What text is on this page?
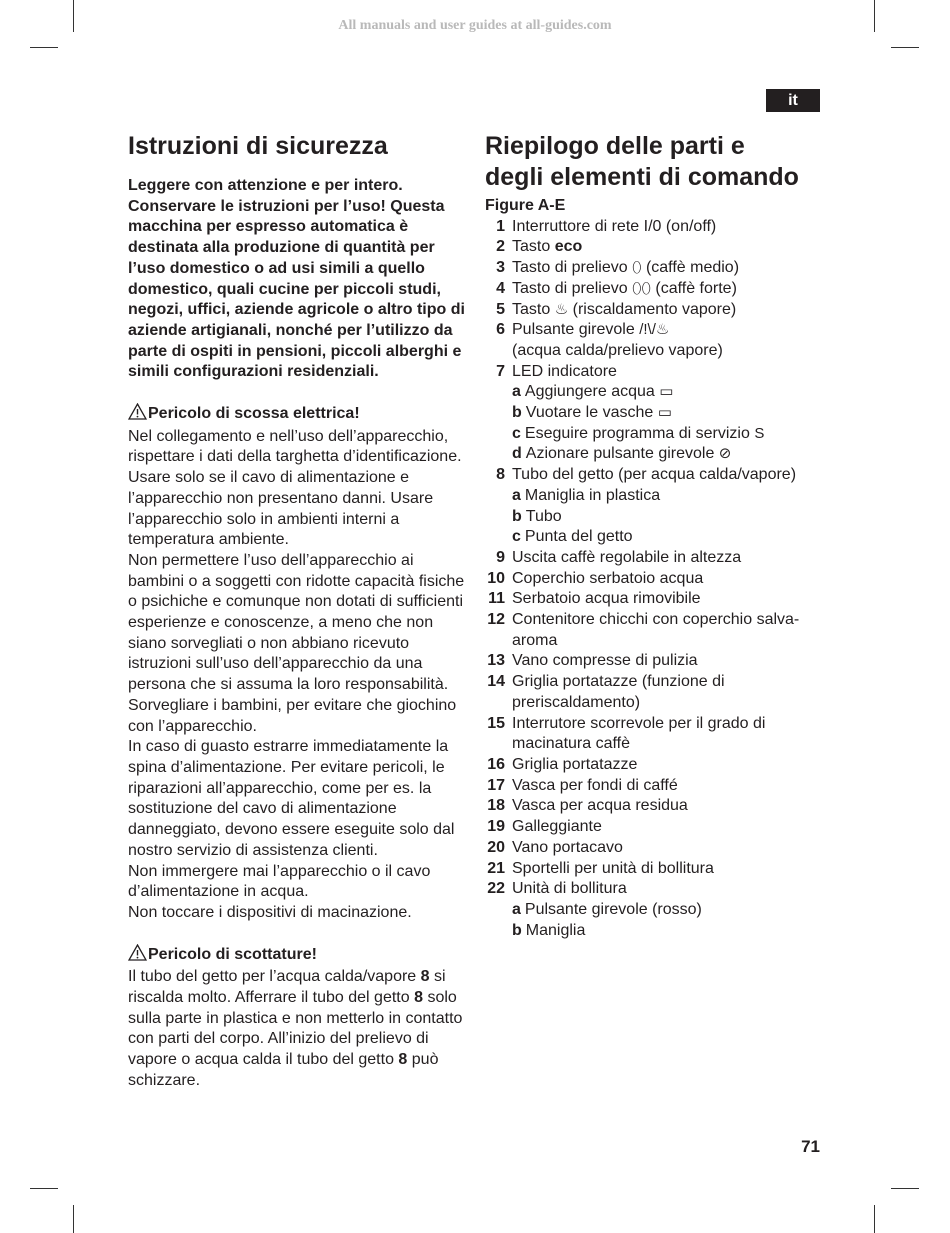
All manuals and user guides at all-guides.com
it
Istruzioni di sicurezza

Leggere con attenzione e per intero. Conservare le istruzioni per l’uso! Questa macchina per espresso automatica è destinata alla produzione di quantità per l’uso domestico o ad usi simili a quello domestico, quali cucine per piccoli studi, negozi, uffici, aziende agricole o altro tipo di aziende artigianali, nonché per l’utilizzo da parte di ospiti in pensioni, piccoli alberghi e simili configurazioni residenziali.

Pericolo di scossa elettrica!

Nel collegamento e nell’uso dell’apparecchio, rispettare i dati della targhetta d’identificazione. Usare solo se il cavo di alimentazione e l’apparecchio non presentano danni. Usare l’apparecchio solo in ambienti interni a temperatura ambiente.

Non permettere l’uso dell’apparecchio ai bambini o a soggetti con ridotte capacità fisiche o psichiche e comunque non dotati di sufficienti esperienze e conoscenze, a meno che non siano sorvegliati o non abbiano ricevuto istruzioni sull’uso dell’apparecchio da una persona che si assuma la loro responsabilità.

Sorvegliare i bambini, per evitare che giochino con l’apparecchio.

In caso di guasto estrarre immediatamente la spina d’alimentazione. Per evitare pericoli, le riparazioni all’apparecchio, come per es. la sostituzione del cavo di alimentazione danneggiato, devono essere eseguite solo dal nostro servizio di assistenza clienti.

Non immergere mai l’apparecchio o il cavo d’alimentazione in acqua.

Non toccare i dispositivi di macinazione.

Pericolo di scottature!

Il tubo del getto per l’acqua calda/vapore 8 si riscalda molto. Afferrare il tubo del getto 8 solo sulla parte in plastica e non metterlo in contatto con parti del corpo. All’inizio del prelievo di vapore o acqua calda il tubo del getto 8 può schizzare.

Riepilogo delle parti e
degli elementi di comando
Figure A-E
1 Interruttore di rete I/0 (on/off)
2 Tasto eco
3 Tasto di prelievo ⬯ (caffè medio)
4 Tasto di prelievo ⬯⬯ (caffè forte)
5 Tasto ♨ (riscaldamento vapore)
6 Pulsante girevole /!\/♨
(acqua calda/prelievo vapore)
7 LED indicatore
a Aggiungere acqua
▭
b Vuotare le vasche
▭
c Eseguire programma di servizio
S
d Azionare pulsante girevole
⊘
8 Tubo del getto (per acqua calda/vapore)
a Maniglia in plastica
b Tubo
c Punta del getto
9 Uscita caffè regolabile in altezza
10 Coperchio serbatoio acqua
11 Serbatoio acqua rimovibile
12 Contenitore chicchi con coperchio salva-aroma
13 Vano compresse di pulizia
14 Griglia portatazze (funzione di preriscaldamento)
15 Interrutore scorrevole per il grado di macinatura caffè
16 Griglia portatazze
17 Vasca per fondi di caffé
18 Vasca per acqua residua
19 Galleggiante
20 Vano portacavo
21 Sportelli per unità di bollitura
22 Unità di bollitura
a Pulsante girevole (rosso)
b Maniglia
71
